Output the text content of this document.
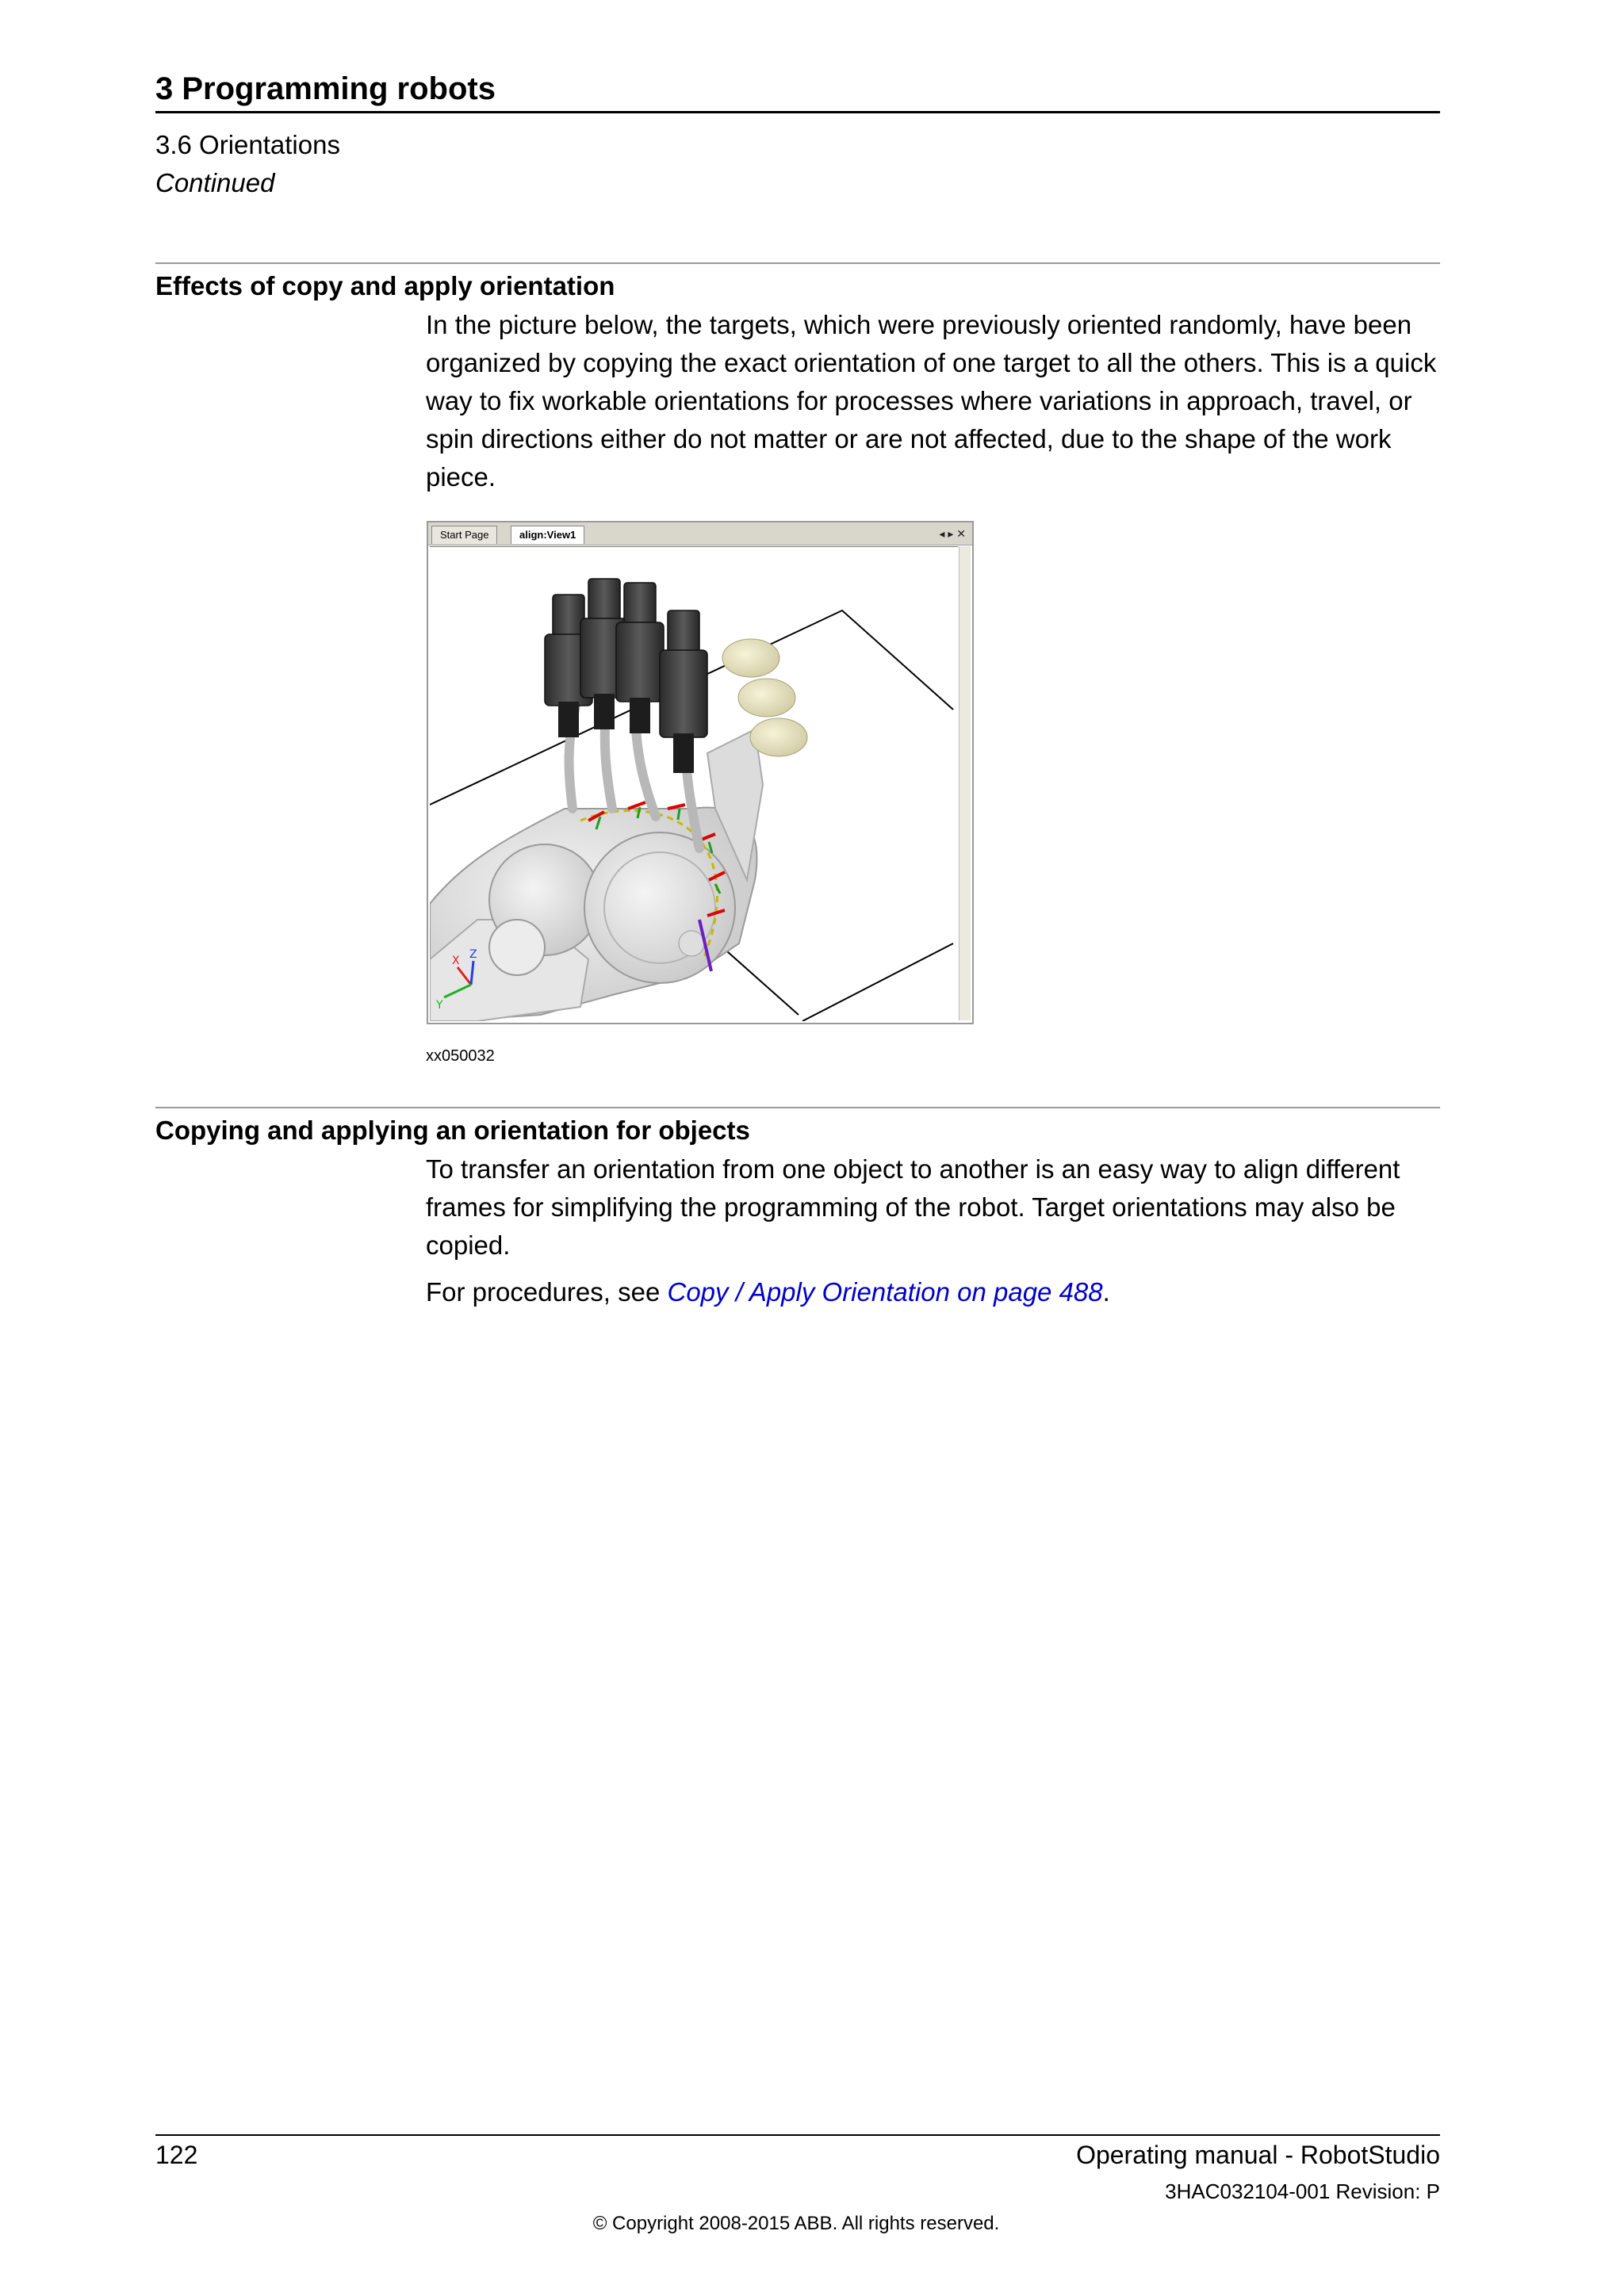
3 Programming robots
3.6 Orientations
Continued
Effects of copy and apply orientation

In the picture below, the targets, which were previously oriented randomly, have been organized by copying the exact orientation of one target to all the others. This is a quick way to fix workable orientations for processes where variations in approach, travel, or spin directions either do not matter or are not affected, due to the shape of the work piece.

Start Page	align:View1	◂ ▸ ✕
X Z
Y
xx050032
Copying and applying an orientation for objects

To transfer an orientation from one object to another is an easy way to align different frames for simplifying the programming of the robot. Target orientations may also be copied.

For procedures, see Copy / Apply Orientation on page 488.

122	Operating manual - RobotStudio
3HAC032104-001 Revision: P
© Copyright 2008-2015 ABB. All rights reserved.
